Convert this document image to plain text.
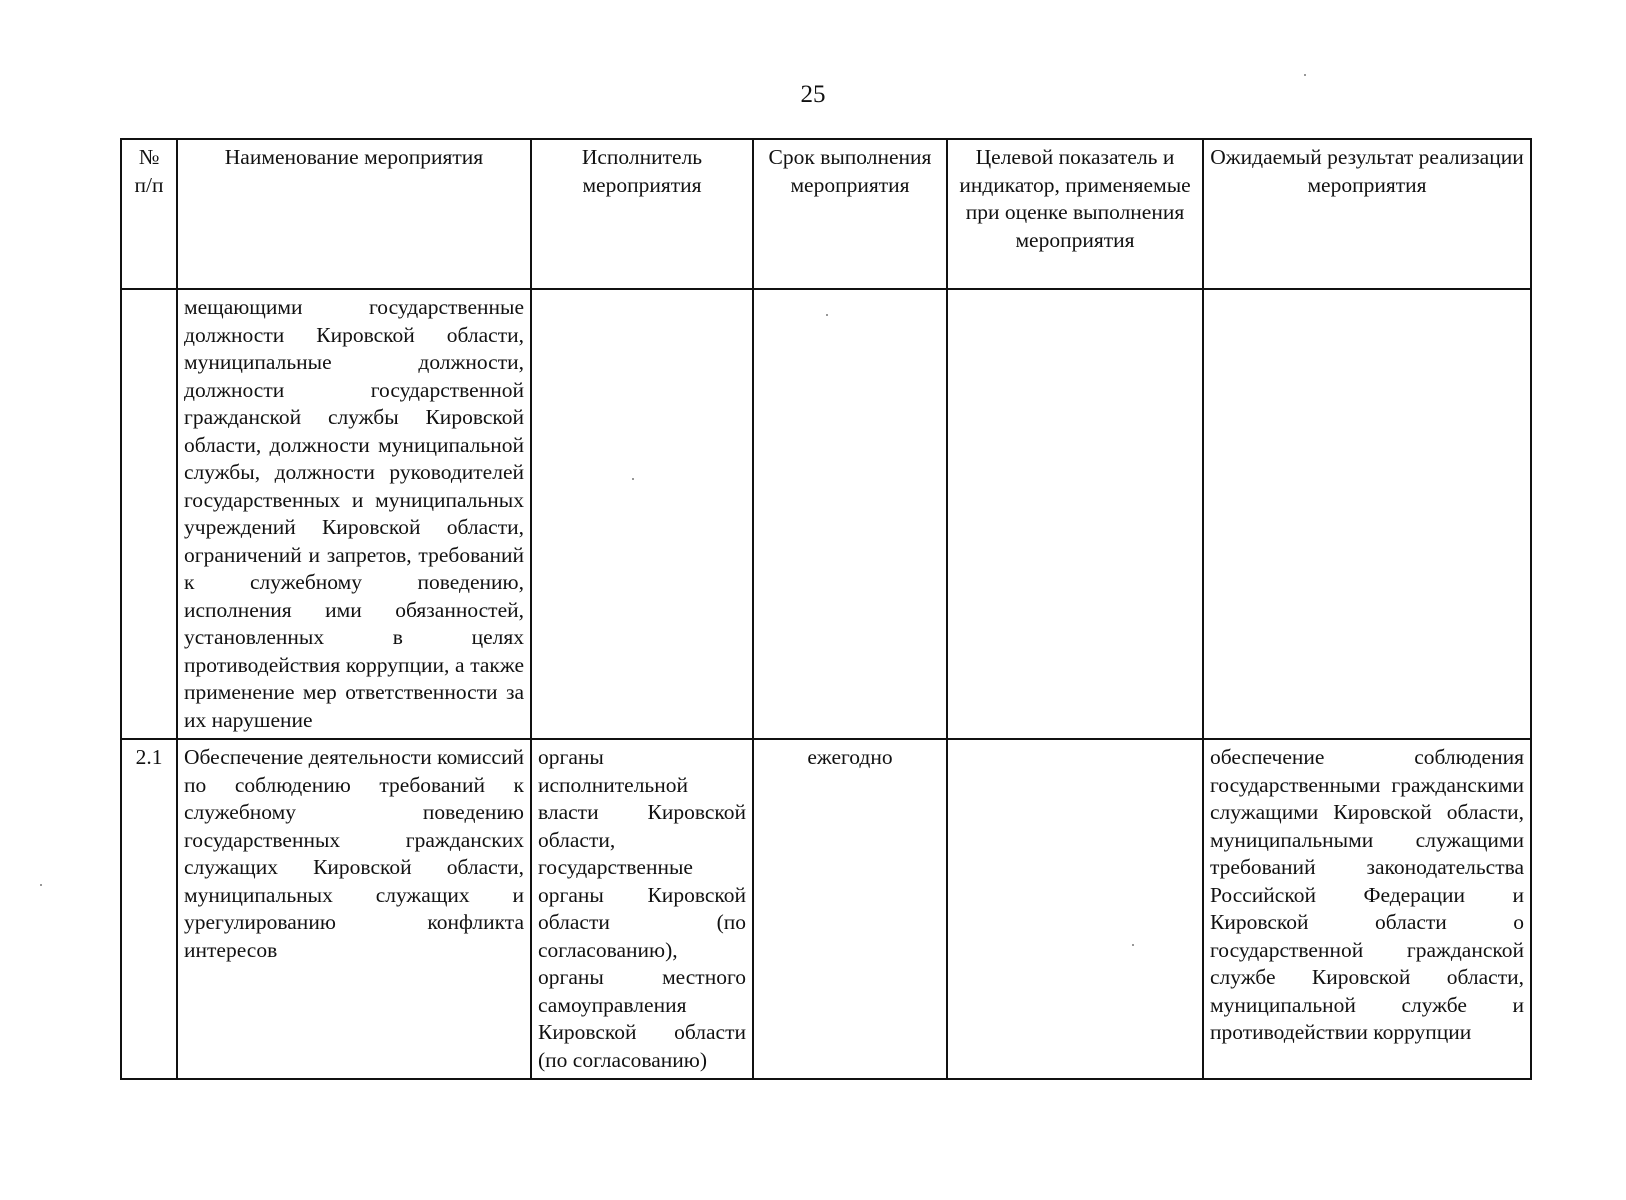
25
№ п/п	Наименование мероприятия	Исполнитель мероприятия	Срок выполнения мероприятия	Целевой показатель и индикатор, применяемые при оценке выполнения мероприятия	Ожидаемый результат реализации мероприятия
	мещающими государственные должности Кировской области, муниципальные должности, должности государственной гражданской службы Кировской области, должности муниципальной службы, должности руководителей государственных и муниципальных учреждений Кировской области, ограничений и запретов, требований к служебному поведению, исполнения ими обязанностей, установленных в целях противодействия коррупции, а также применение мер ответственности за их нарушение				
2.1	Обеспечение деятельности комиссий по соблюдению требований к служебному поведению государственных гражданских служащих Кировской области, муниципальных служащих и урегулированию конфликта интересов	органы исполнительной власти Кировской области, государственные органы Кировской области (по согласованию), органы местного самоуправления Кировской области (по согласованию)	ежегодно		обеспечение соблюдения государственными гражданскими служащими Кировской области, муниципальными служащими требований законодательства Российской Федерации и Кировской области о государственной гражданской службе Кировской области, муниципальной службе и противодействии коррупции
